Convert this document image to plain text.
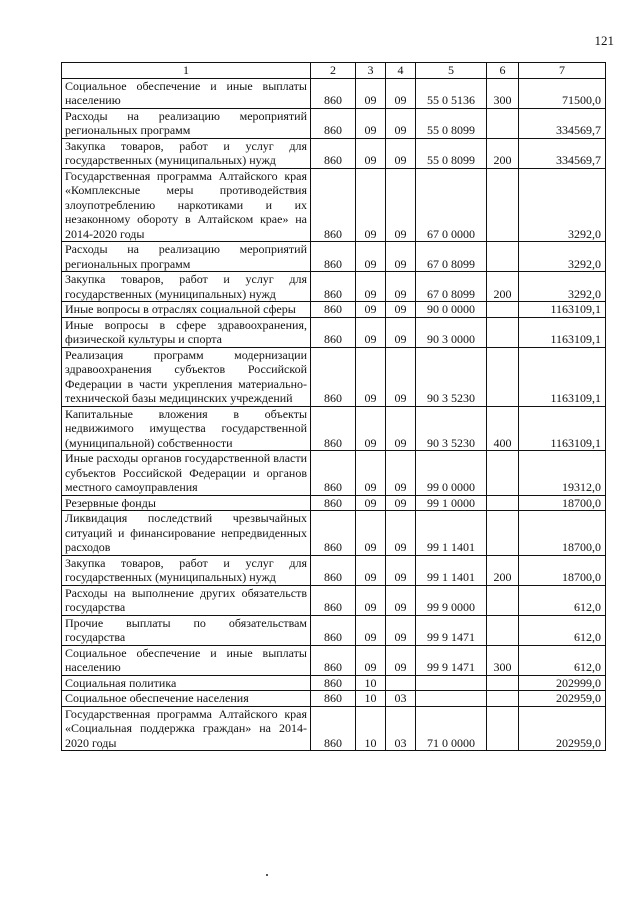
121
1	2	3	4	5	6	7
Социальное обеспечение и иные выплаты населению	860	09	09	55 0 5136	300	71500,0
Расходы на реализацию мероприятий региональных программ	860	09	09	55 0 8099		334569,7
Закупка товаров, работ и услуг для государственных (муниципальных) нужд	860	09	09	55 0 8099	200	334569,7
Государственная программа Алтайского края «Комплексные меры противодействия злоупотреблению наркотиками и их незаконному обороту в Алтайском крае» на 2014-2020 годы	860	09	09	67 0 0000		3292,0
Расходы на реализацию мероприятий региональных программ	860	09	09	67 0 8099		3292,0
Закупка товаров, работ и услуг для государственных (муниципальных) нужд	860	09	09	67 0 8099	200	3292,0
Иные вопросы в отраслях социальной сферы	860	09	09	90 0 0000		1163109,1
Иные вопросы в сфере здравоохранения, физической культуры и спорта	860	09	09	90 3 0000		1163109,1
Реализация программ модернизации здравоохранения субъектов Российской Федерации в части укрепления материально-технической базы медицинских учреждений	860	09	09	90 3 5230		1163109,1
Капитальные вложения в объекты недвижимого имущества государственной (муниципальной) собственности	860	09	09	90 3 5230	400	1163109,1
Иные расходы органов государственной власти субъектов Российской Федерации и органов местного самоуправления	860	09	09	99 0 0000		19312,0
Резервные фонды	860	09	09	99 1 0000		18700,0
Ликвидация последствий чрезвычайных ситуаций и финансирование непредвиденных расходов	860	09	09	99 1 1401		18700,0
Закупка товаров, работ и услуг для государственных (муниципальных) нужд	860	09	09	99 1 1401	200	18700,0
Расходы на выполнение других обязательств государства	860	09	09	99 9 0000		612,0
Прочие выплаты по обязательствам государства	860	09	09	99 9 1471		612,0
Социальное обеспечение и иные выплаты населению	860	09	09	99 9 1471	300	612,0
Социальная политика	860	10				202999,0
Социальное обеспечение населения	860	10	03			202959,0
Государственная программа Алтайского края «Социальная поддержка граждан» на 2014-2020 годы	860	10	03	71 0 0000		202959,0
